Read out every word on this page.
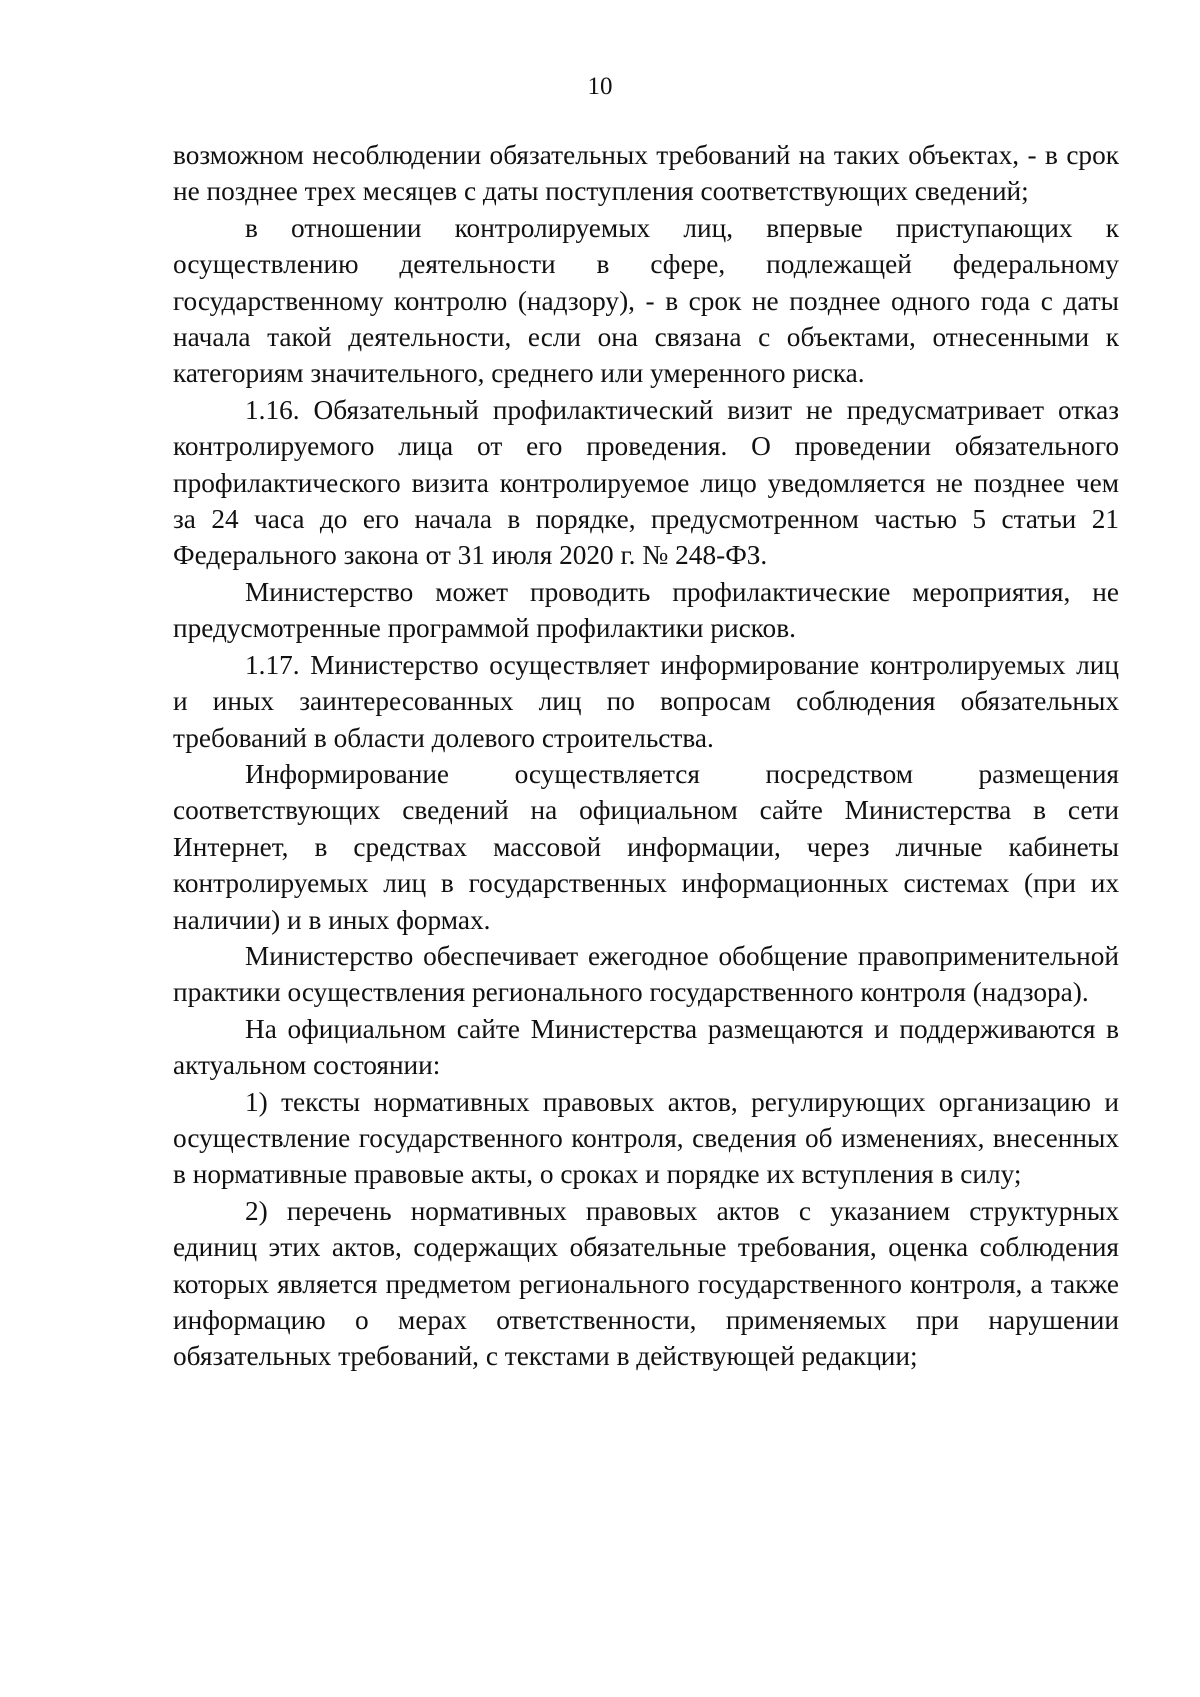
10

возможном несоблюдении обязательных требований на таких объектах, - в срок не позднее трех месяцев с даты поступления соответствующих сведений;

в отношении контролируемых лиц, впервые приступающих к осуществлению деятельности в сфере, подлежащей федеральному государственному контролю (надзору), - в срок не позднее одного года с даты начала такой деятельности, если она связана с объектами, отнесенными к категориям значительного, среднего или умеренного риска.

1.16. Обязательный профилактический визит не предусматривает отказ контролируемого лица от его проведения. О проведении обязательного профилактического визита контролируемое лицо уведомляется не позднее чем за 24 часа до его начала в порядке, предусмотренном частью 5 статьи 21 Федерального закона от 31 июля 2020 г. № 248-ФЗ.

Министерство может проводить профилактические мероприятия, не предусмотренные программой профилактики рисков.

1.17. Министерство осуществляет информирование контролируемых лиц и иных заинтересованных лиц по вопросам соблюдения обязательных требований в области долевого строительства.

Информирование осуществляется посредством размещения соответствующих сведений на официальном сайте Министерства в сети Интернет, в средствах массовой информации, через личные кабинеты контролируемых лиц в государственных информационных системах (при их наличии) и в иных формах.

Министерство обеспечивает ежегодное обобщение правоприменительной практики осуществления регионального государственного контроля (надзора).

На официальном сайте Министерства размещаются и поддерживаются в актуальном состоянии:

1) тексты нормативных правовых актов, регулирующих организацию и осуществление государственного контроля, сведения об изменениях, внесенных в нормативные правовые акты, о сроках и порядке их вступления в силу;

2) перечень нормативных правовых актов с указанием структурных единиц этих актов, содержащих обязательные требования, оценка соблюдения которых является предметом регионального государственного контроля, а также информацию о мерах ответственности, применяемых при нарушении обязательных требований, с текстами в действующей редакции;
